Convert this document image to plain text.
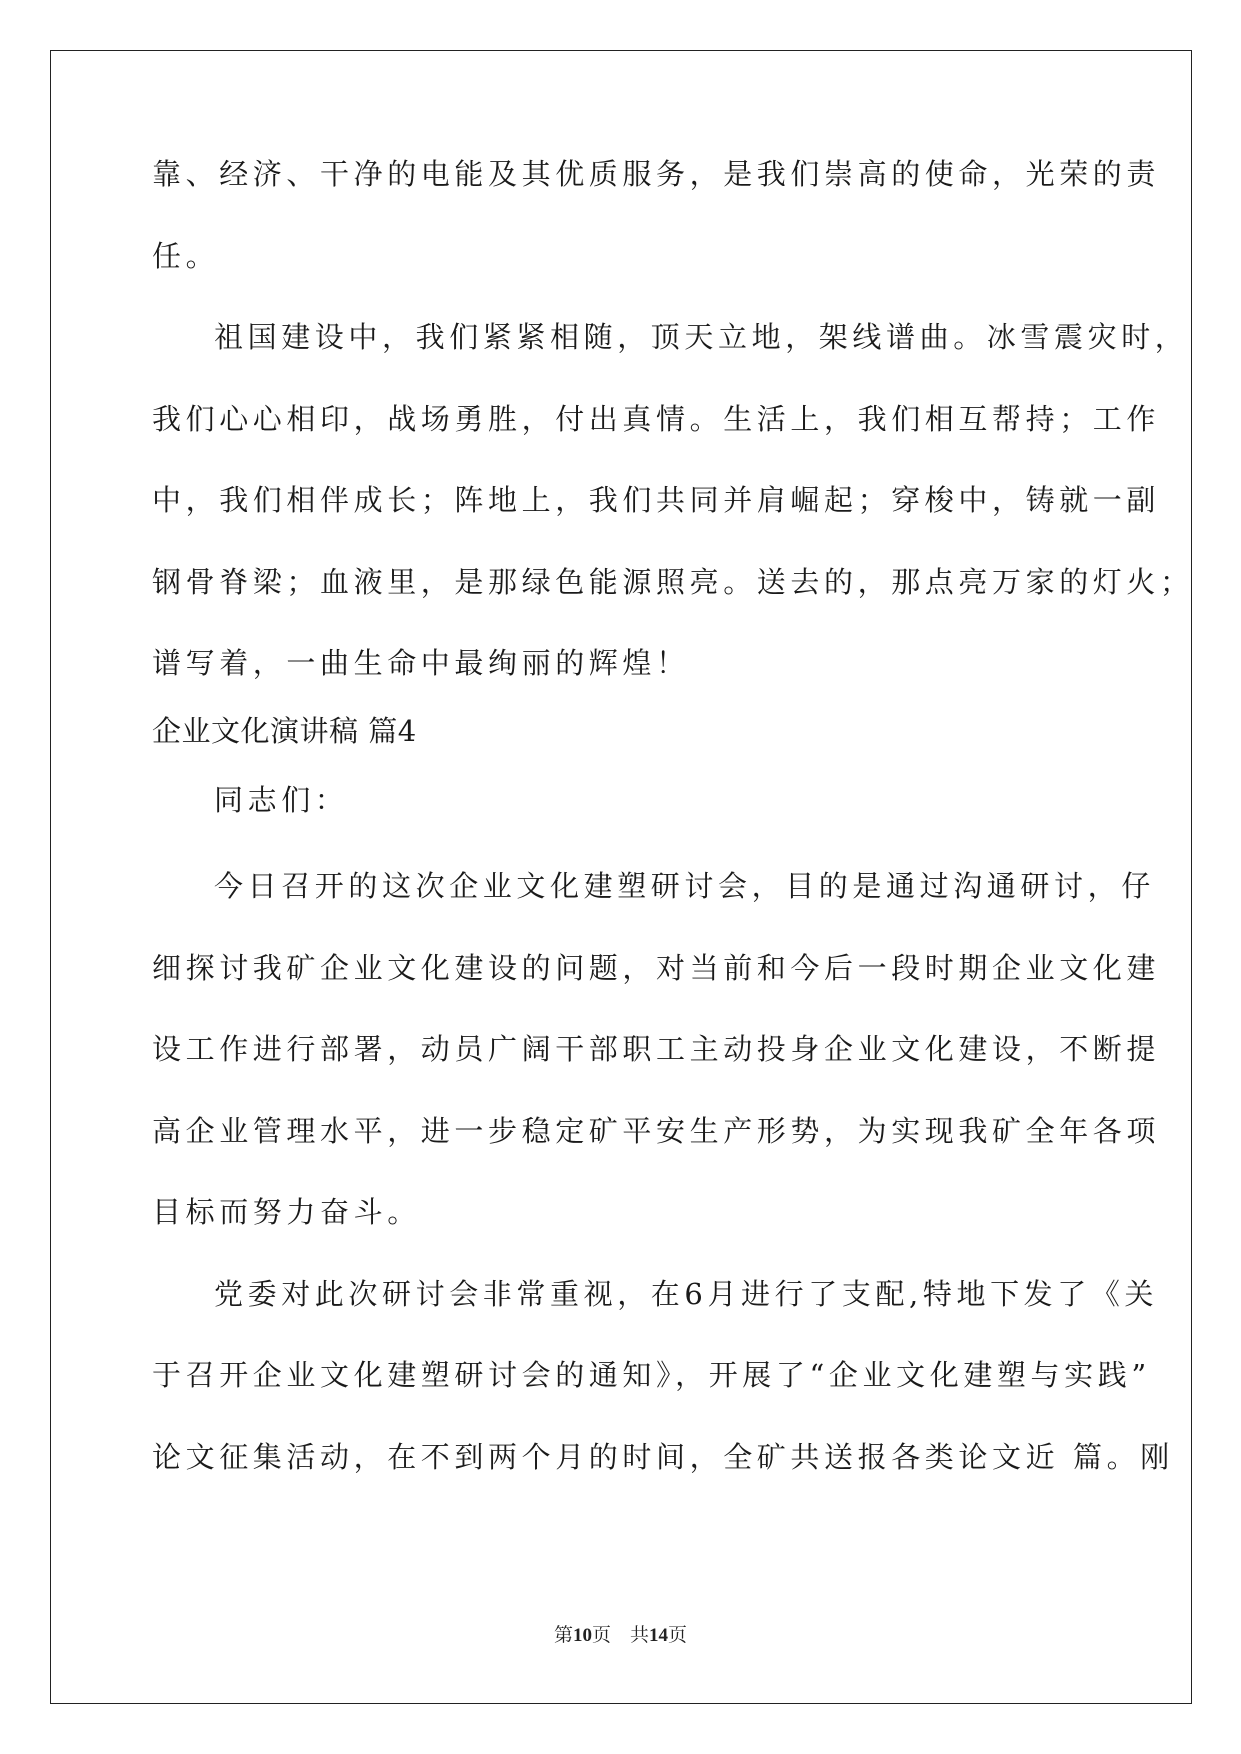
靠、经济、干净的电能及其优质服务，是我们崇高的使命，光荣的责
任。
祖国建设中，我们紧紧相随，顶天立地，架线谱曲。冰雪震灾时，
我们心心相印，战场勇胜，付出真情。生活上，我们相互帮持；工作
中，我们相伴成长；阵地上，我们共同并肩崛起；穿梭中，铸就一副
钢骨脊梁；血液里，是那绿色能源照亮。送去的，那点亮万家的灯火；
谱写着，一曲生命中最绚丽的辉煌！
企业文化演讲稿 篇4
同志们：
今日召开的这次企业文化建塑研讨会，目的是通过沟通研讨，仔
细探讨我矿企业文化建设的问题，对当前和今后一段时期企业文化建
设工作进行部署，动员广阔干部职工主动投身企业文化建设，不断提
高企业管理水平，进一步稳定矿平安生产形势，为实现我矿全年各项
目标而努力奋斗。
党委对此次研讨会非常重视，在6月进行了支配,特地下发了《关
于召开企业文化建塑研讨会的通知》，开展了“企业文化建塑与实践”
论文征集活动，在不到两个月的时间，全矿共送报各类论文近 篇。刚
第10页　共14页
